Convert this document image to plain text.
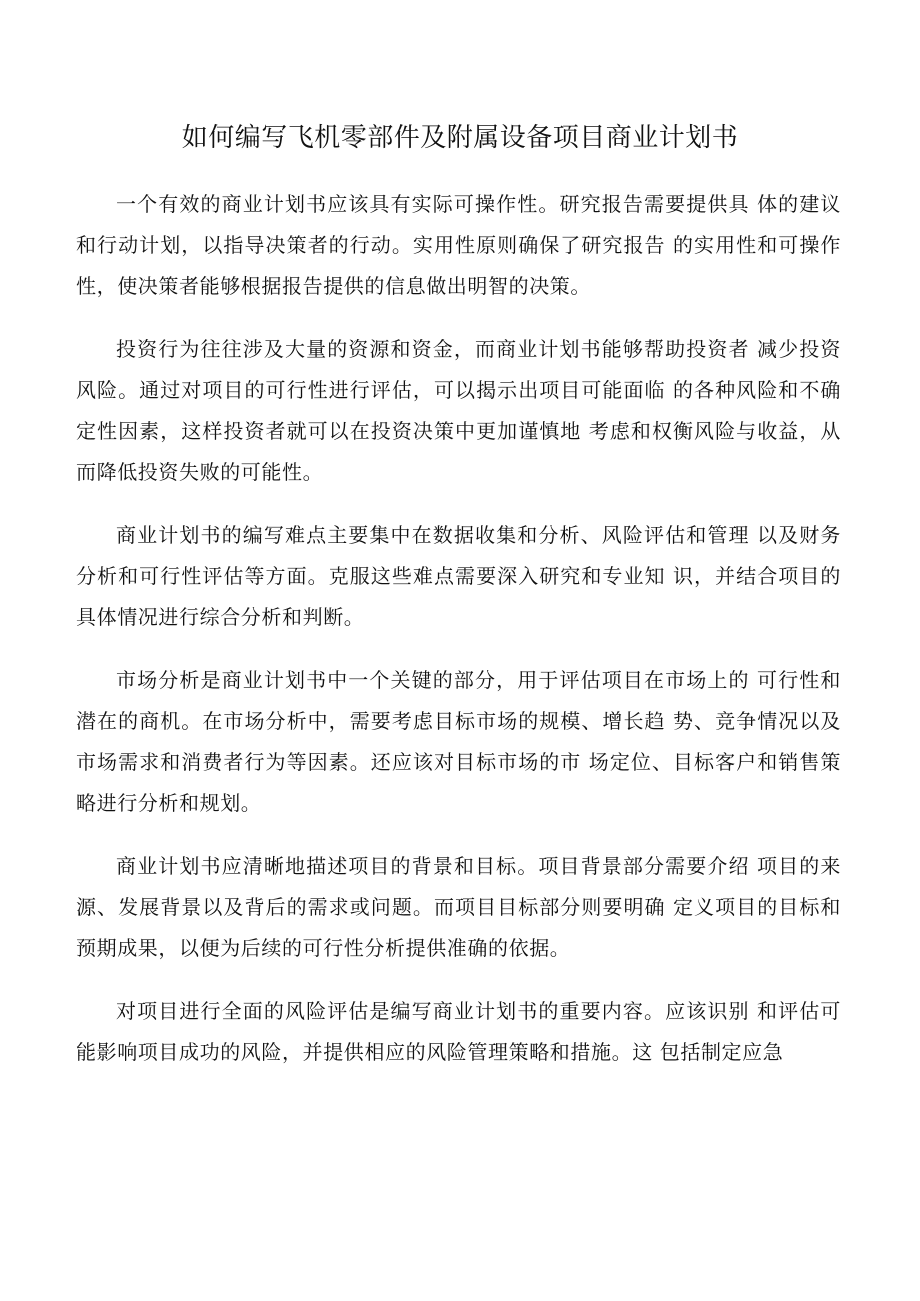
如何编写飞机零部件及附属设备项目商业计划书

一个有效的商业计划书应该具有实际可操作性。研究报告需要提供具 体的建议和行动计划，以指导决策者的行动。实用性原则确保了研究报告 的实用性和可操作性，使决策者能够根据报告提供的信息做出明智的决策。

投资行为往往涉及大量的资源和资金，而商业计划书能够帮助投资者 减少投资风险。通过对项目的可行性进行评估，可以揭示出项目可能面临 的各种风险和不确定性因素，这样投资者就可以在投资决策中更加谨慎地 考虑和权衡风险与收益，从而降低投资失败的可能性。

商业计划书的编写难点主要集中在数据收集和分析、风险评估和管理 以及财务分析和可行性评估等方面。克服这些难点需要深入研究和专业知 识，并结合项目的具体情况进行综合分析和判断。

市场分析是商业计划书中一个关键的部分，用于评估项目在市场上的 可行性和潜在的商机。在市场分析中，需要考虑目标市场的规模、增长趋 势、竞争情况以及市场需求和消费者行为等因素。还应该对目标市场的市 场定位、目标客户和销售策略进行分析和规划。

商业计划书应清晰地描述项目的背景和目标。项目背景部分需要介绍 项目的来源、发展背景以及背后的需求或问题。而项目目标部分则要明确 定义项目的目标和预期成果，以便为后续的可行性分析提供准确的依据。

对项目进行全面的风险评估是编写商业计划书的重要内容。应该识别 和评估可能影响项目成功的风险，并提供相应的风险管理策略和措施。这 包括制定应急
